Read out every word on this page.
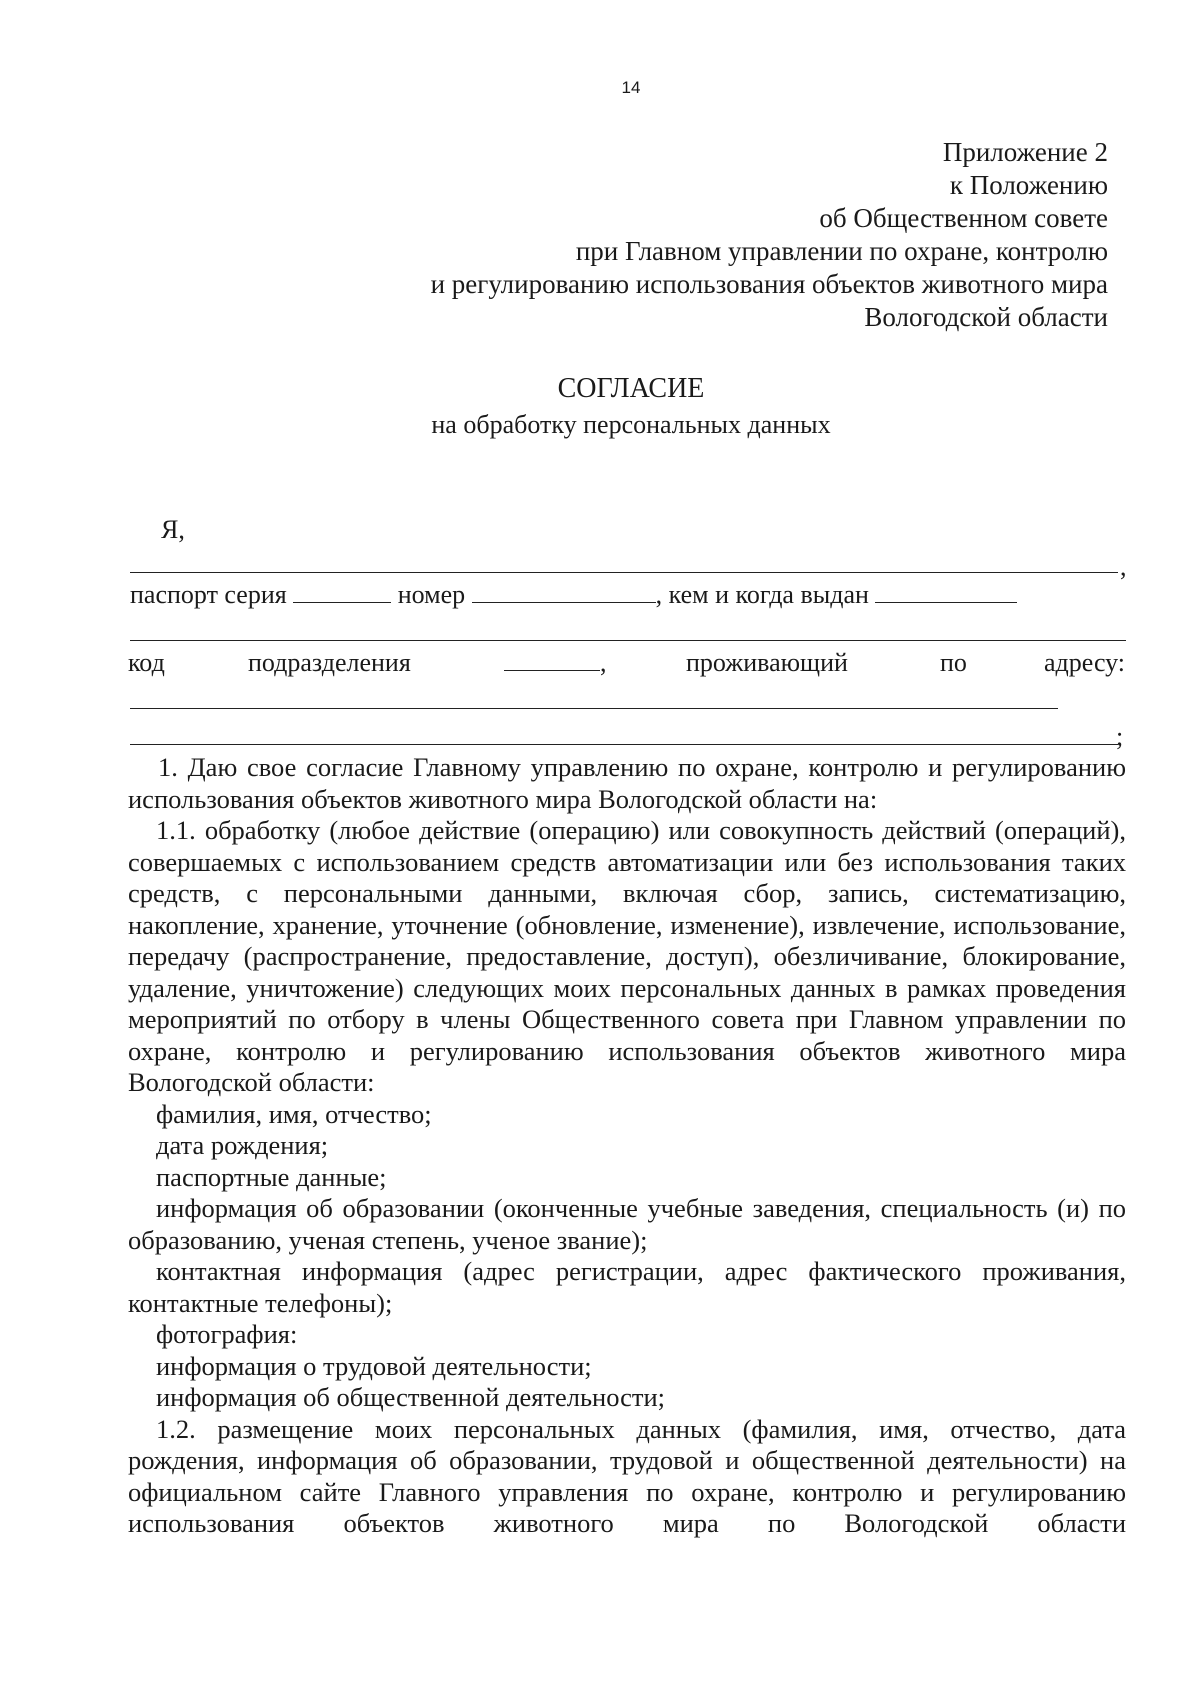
14
Приложение 2
к Положению
об Общественном совете
при Главном управлении по охране, контролю
и регулированию использования объектов животного мира
Вологодской области
СОГЛАСИЕ
на обработку персональных данных
Я,
,
паспорт серия	номер	, кем и когда выдан
код	подразделения	,	проживающий	по	адресу:
;

1. Даю свое согласие Главному управлению по охране, контролю и регулированию использования объектов животного мира Вологодской области на:

1.1. обработку (любое действие (операцию) или совокупность действий (операций), совершаемых с использованием средств автоматизации или без использования таких средств, с персональными данными, включая сбор, запись, систематизацию, накопление, хранение, уточнение (обновление, изменение), извлечение, использование, передачу (распространение, предоставление, доступ), обезличивание, блокирование, удаление, уничтожение) следующих моих персональных данных в рамках проведения мероприятий по отбору в члены Общественного совета при Главном управлении по охране, контролю и регулированию использования объектов животного мира Вологодской области:

фамилия, имя, отчество;

дата рождения;

паспортные данные;

информация об образовании (оконченные учебные заведения, специальность (и) по образованию, ученая степень, ученое звание);

контактная информация (адрес регистрации, адрес фактического проживания, контактные телефоны);

фотография:

информация о трудовой деятельности;

информация об общественной деятельности;

1.2. размещение моих персональных данных (фамилия, имя, отчество, дата рождения, информация об образовании, трудовой и общественной деятельности) на официальном сайте Главного управления по охране, контролю и регулированию использования объектов животного мира по Вологодской области
